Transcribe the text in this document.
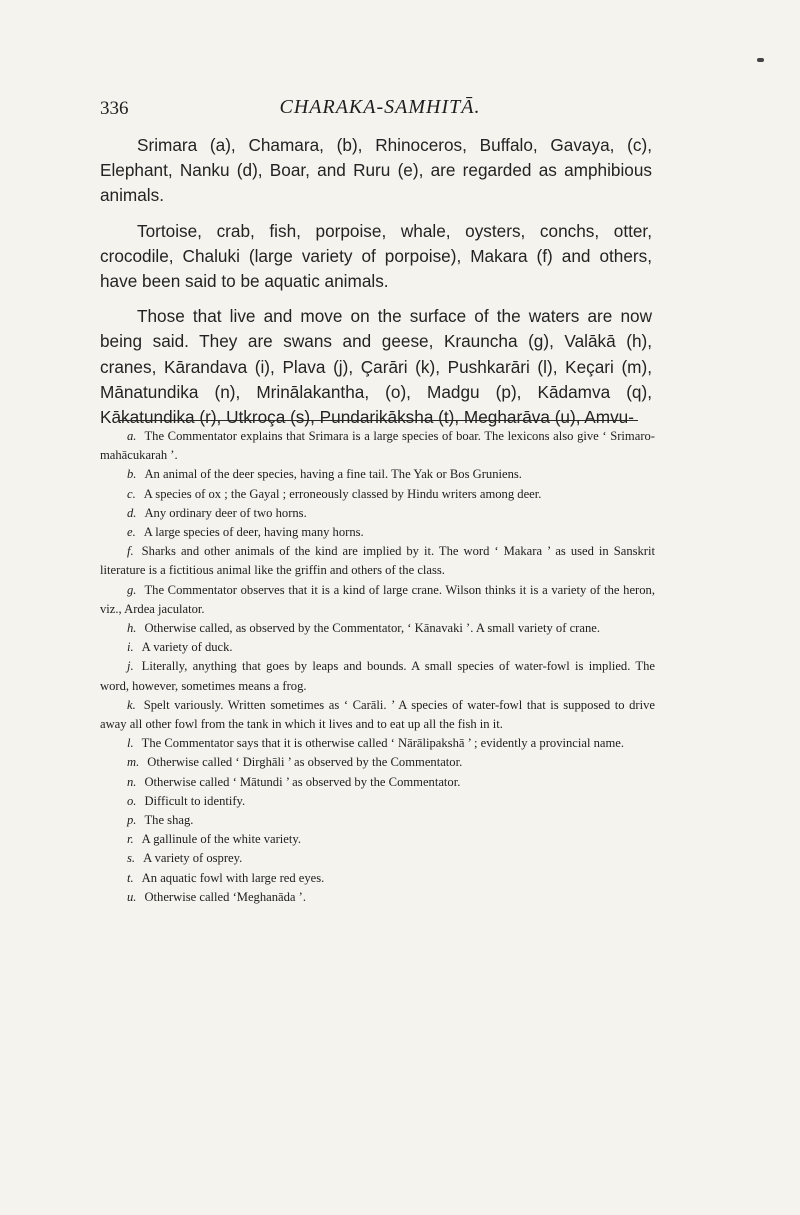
336	CHARAKA-SAMHITĀ.

Srimara (a), Chamara, (b), Rhinoceros, Buffalo, Gavaya, (c), Elephant, Nanku (d), Boar, and Ruru (e), are regarded as amphibious animals.

Tortoise, crab, fish, porpoise, whale, oysters, conchs, otter, crocodile, Chaluki (large variety of porpoise), Makara (f) and others, have been said to be aquatic animals.

Those that live and move on the surface of the waters are now being said. They are swans and geese, Krauncha (g), Valākā (h), cranes, Kārandava (i), Plava (j), Çarāri (k), Pushkarāri (l), Keçari (m), Mānatundika (n), Mrinālakantha, (o), Madgu (p), Kādamva (q), Kākatundika (r), Utkroça (s), Pundarikāksha (t), Megharāva (u), Amvu-

a. The Commentator explains that Srimara is a large species of boar. The lexicons also give ‘ Srimaro-mahācukarah ’.

b. An animal of the deer species, having a fine tail. The Yak or Bos Gruniens.

c. A species of ox ; the Gayal ; erroneously classed by Hindu writers among deer.

d. Any ordinary deer of two horns.

e. A large species of deer, having many horns.

f. Sharks and other animals of the kind are implied by it. The word ‘ Makara ’ as used in Sanskrit literature is a fictitious animal like the griffin and others of the class.

g. The Commentator observes that it is a kind of large crane. Wilson thinks it is a variety of the heron, viz., Ardea jaculator.

h. Otherwise called, as observed by the Commentator, ‘ Kānavaki ’. A small variety of crane.

i. A variety of duck.

j. Literally, anything that goes by leaps and bounds. A small species of water-fowl is implied. The word, however, sometimes means a frog.

k. Spelt variously. Written sometimes as ‘ Carāli. ’ A species of water-fowl that is supposed to drive away all other fowl from the tank in which it lives and to eat up all the fish in it.

l. The Commentator says that it is otherwise called ‘ Nārālipakshā ’ ; evidently a provincial name.

m. Otherwise called ‘ Dirghāli ’ as observed by the Commentator.

n. Otherwise called ‘ Mātundi ’ as observed by the Commentator.

o. Difficult to identify.

p. The shag.

r. A gallinule of the white variety.

s. A variety of osprey.

t. An aquatic fowl with large red eyes.

u. Otherwise called ‘Meghanāda ’.
